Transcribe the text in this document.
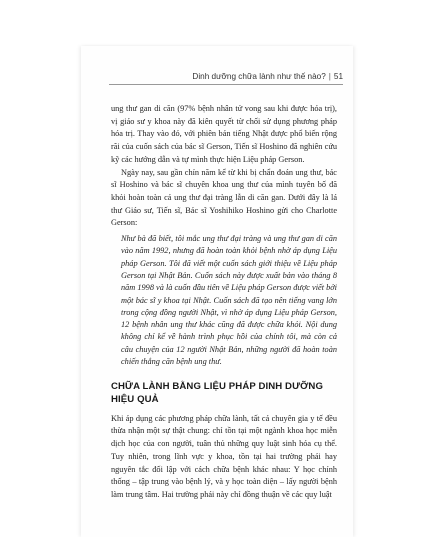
Dinh dưỡng chữa lành như thế nào? | 51

ung thư gan di căn (97% bệnh nhân tử vong sau khi được hóa trị), vị giáo sư y khoa này đã kiên quyết từ chối sử dụng phương pháp hóa trị. Thay vào đó, với phiên bản tiếng Nhật được phổ biến rộng rãi của cuốn sách của bác sĩ Gerson, Tiến sĩ Hoshino đã nghiên cứu kỹ các hướng dẫn và tự mình thực hiện Liệu pháp Gerson.

Ngày nay, sau gần chín năm kể từ khi bị chẩn đoán ung thư, bác sĩ Hoshino và bác sĩ chuyên khoa ung thư của mình tuyên bố đã khỏi hoàn toàn cả ung thư đại tràng lẫn di căn gan. Dưới đây là lá thư Giáo sư, Tiến sĩ, Bác sĩ Yoshihiko Hoshino gửi cho Charlotte Gerson:

Như bà đã biết, tôi mắc ung thư đại tràng và ung thư gan di căn vào năm 1992, nhưng đã hoàn toàn khỏi bệnh nhờ áp dụng Liệu pháp Gerson. Tôi đã viết một cuốn sách giới thiệu về Liệu pháp Gerson tại Nhật Bản. Cuốn sách này được xuất bản vào tháng 8 năm 1998 và là cuốn đầu tiên về Liệu pháp Gerson được viết bởi một bác sĩ y khoa tại Nhật. Cuốn sách đã tạo nên tiếng vang lớn trong cộng đồng người Nhật, vì nhờ áp dụng Liệu pháp Gerson, 12 bệnh nhân ung thư khác cũng đã được chữa khỏi. Nội dung không chỉ kể về hành trình phục hồi của chính tôi, mà còn cả câu chuyện của 12 người Nhật Bản, những người đã hoàn toàn chiến thắng căn bệnh ung thư.

CHỮA LÀNH BẰNG LIỆU PHÁP DINH DƯỠNG HIỆU QUẢ

Khi áp dụng các phương pháp chữa lành, tất cả chuyên gia y tế đều thừa nhận một sự thật chung: chỉ tồn tại một ngành khoa học miễn dịch học của con người, tuân thủ những quy luật sinh hóa cụ thể. Tuy nhiên, trong lĩnh vực y khoa, tồn tại hai trường phái hay nguyên tắc đối lập với cách chữa bệnh khác nhau: Y học chính thống – tập trung vào bệnh lý, và y học toàn diện – lấy người bệnh làm trung tâm. Hai trường phái này chỉ đồng thuận về các quy luật
